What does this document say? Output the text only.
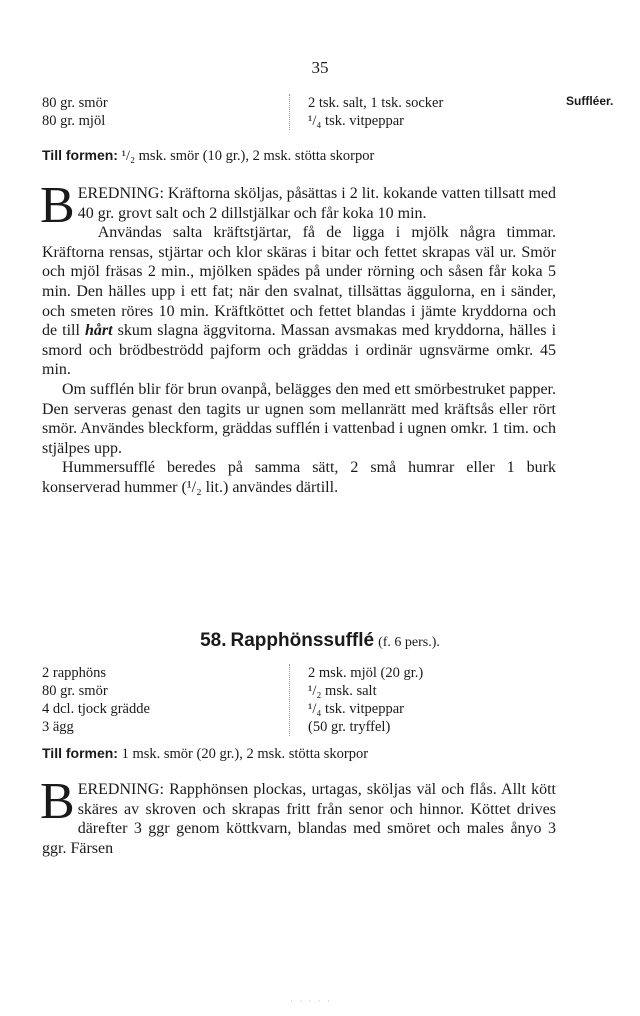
35
Suffléer.
80 gr. smör
80 gr. mjöl
2 tsk. salt, 1 tsk. socker
¹/₄ tsk. vitpeppar
Till formen: ¹/₂ msk. smör (10 gr.), 2 msk. stötta skorpor

BEREDNING: Kräftorna sköljas, påsättas i 2 lit. kokande vatten tillsatt med 40 gr. grovt salt och 2 dillstjälkar och får koka 10 min.

Användas salta kräftstjärtar, få de ligga i mjölk några timmar. Kräftorna rensas, stjärtar och klor skäras i bitar och fettet skrapas väl ur. Smör och mjöl fräsas 2 min., mjölken spädes på under rörning och såsen får koka 5 min. Den hälles upp i ett fat; när den svalnat, tillsättas äggulorna, en i sänder, och smeten röres 10 min. Kräftköttet och fettet blandas i jämte kryddorna och de till hårt skum slagna äggvitorna. Massan avsmakas med kryddorna, hälles i smord och brödbeströdd pajform och gräddas i ordinär ugnsvärme omkr. 45 min.

Om sufflén blir för brun ovanpå, belägges den med ett smörbestruket papper. Den serveras genast den tagits ur ugnen som mellanrätt med kräftsås eller rört smör. Användes bleckform, gräddas sufflén i vattenbad i ugnen omkr. 1 tim. och stjälpes upp.

Hummersufflé beredes på samma sätt, 2 små humrar eller 1 burk konserverad hummer (¹/₂ lit.) användes därtill.

58. Rapphönssufflé (f. 6 pers.).
2 rapphöns
80 gr. smör
4 dcl. tjock grädde
3 ägg
2 msk. mjöl (20 gr.)
¹/₂ msk. salt
¹/₄ tsk. vitpeppar
(50 gr. tryffel)
Till formen: 1 msk. smör (20 gr.), 2 msk. stötta skorpor

BEREDNING: Rapphönsen plockas, urtagas, sköljas väl och flås. Allt kött skäres av skroven och skrapas fritt från senor och hinnor. Köttet drives därefter 3 ggr genom köttkvarn, blandas med smöret och males ånyo 3 ggr. Färsen

· · · · ·
